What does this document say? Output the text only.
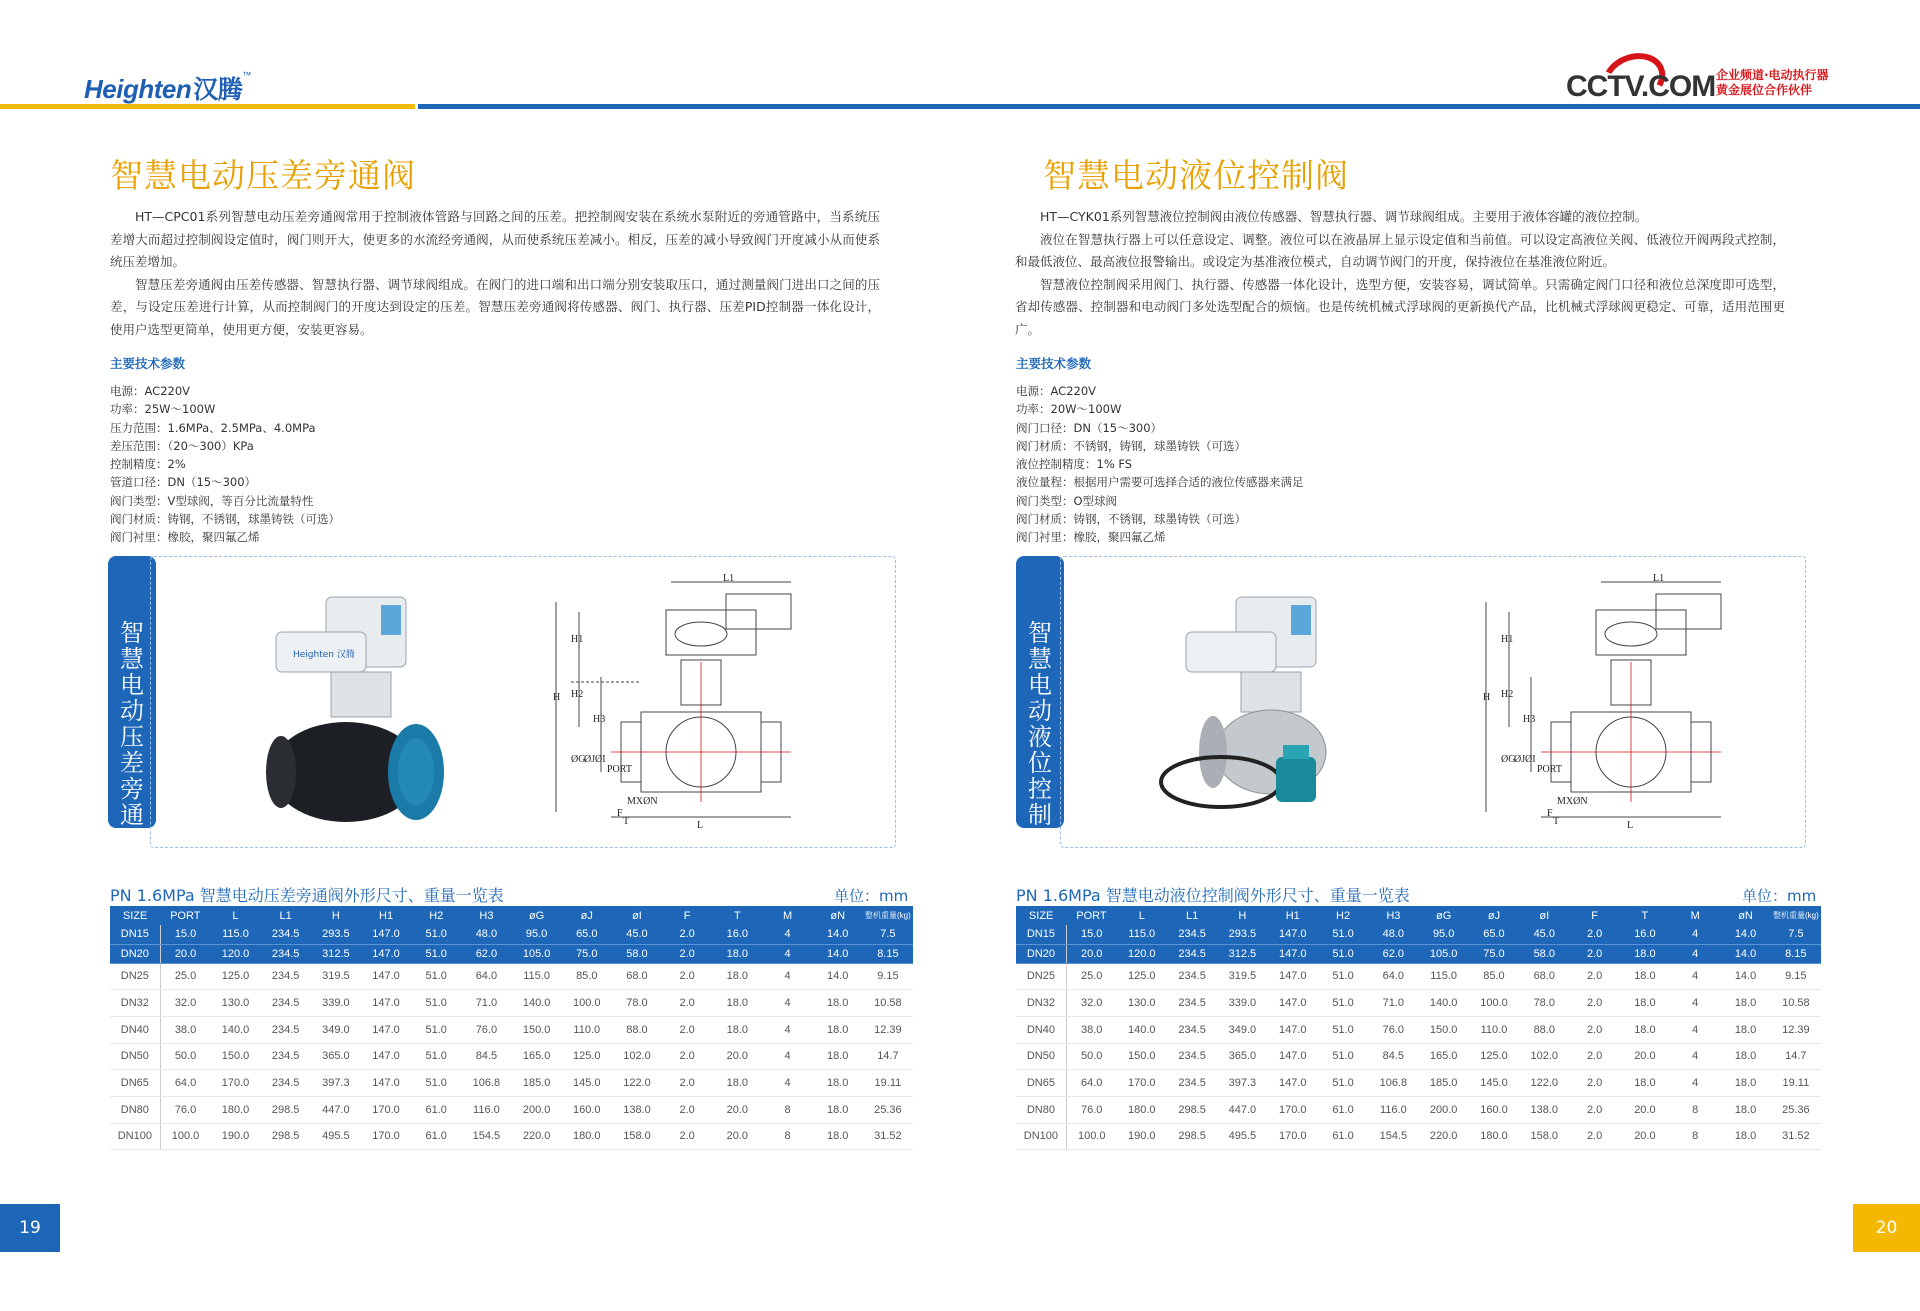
Heighten汉腾™	CCTV.COM 企业频道·电动执行器
黄金展位合作伙伴
智慧电动压差旁通阀

HT—CPC01系列智慧电动压差旁通阀常用于控制液体管路与回路之间的压差。把控制阀安装在系统水泵附近的旁通管路中，当系统压差增大而超过控制阀设定值时，阀门则开大，使更多的水流经旁通阀，从而使系统压差减小。相反，压差的减小导致阀门开度减小从而使系统压差增加。

智慧压差旁通阀由压差传感器、智慧执行器、调节球阀组成。在阀门的进口端和出口端分别安装取压口，通过测量阀门进出口之间的压差，与设定压差进行计算，从而控制阀门的开度达到设定的压差。智慧压差旁通阀将传感器、阀门、执行器、压差PID控制器一体化设计，使用户选型更简单，使用更方便，安装更容易。

主要技术参数
电源：AC220V
功率：25W～100W
压力范围：1.6MPa、2.5MPa、4.0MPa
差压范围：（20～300）KPa
控制精度：2%
管道口径：DN（15～300）
阀门类型：V型球阀，等百分比流量特性
阀门材质：铸钢，不锈钢，球墨铸铁（可选）
阀门衬里：橡胶，聚四氟乙烯
智
慧
电
动
压
差
旁
通
阀
Heighten 汉腾
L1
H
H1
H2
H3
ØG
ØJ ØI
PORT
MXØN
F
T	L
PN 1.6MPa 智慧电动压差旁通阀外形尺寸、重量一览表	单位：mm
SIZE	PORT	L	L1	H	H1	H2	H3	øG	øJ	øI	F	T	M	øN	整机重量(kg)
DN15	15.0	115.0	234.5	293.5	147.0	51.0	48.0	95.0	65.0	45.0	2.0	16.0	4	14.0	7.5
DN20	20.0	120.0	234.5	312.5	147.0	51.0	62.0	105.0	75.0	58.0	2.0	18.0	4	14.0	8.15
DN25	25.0	125.0	234.5	319.5	147.0	51.0	64.0	115.0	85.0	68.0	2.0	18.0	4	14.0	9.15
DN32	32.0	130.0	234.5	339.0	147.0	51.0	71.0	140.0	100.0	78.0	2.0	18.0	4	18.0	10.58
DN40	38.0	140.0	234.5	349.0	147.0	51.0	76.0	150.0	110.0	88.0	2.0	18.0	4	18.0	12.39
DN50	50.0	150.0	234.5	365.0	147.0	51.0	84.5	165.0	125.0	102.0	2.0	20.0	4	18.0	14.7
DN65	64.0	170.0	234.5	397.3	147.0	51.0	106.8	185.0	145.0	122.0	2.0	18.0	4	18.0	19.11
DN80	76.0	180.0	298.5	447.0	170.0	61.0	116.0	200.0	160.0	138.0	2.0	20.0	8	18.0	25.36
DN100	100.0	190.0	298.5	495.5	170.0	61.0	154.5	220.0	180.0	158.0	2.0	20.0	8	18.0	31.52
19
智慧电动液位控制阀

HT—CYK01系列智慧液位控制阀由液位传感器、智慧执行器、调节球阀组成。主要用于液体容罐的液位控制。

液位在智慧执行器上可以任意设定、调整。液位可以在液晶屏上显示设定值和当前值。可以设定高液位关阀、低液位开阀两段式控制，和最低液位、最高液位报警输出。或设定为基准液位模式，自动调节阀门的开度，保持液位在基准液位附近。

智慧液位控制阀采用阀门、执行器、传感器一体化设计，选型方便，安装容易，调试简单。只需确定阀门口径和液位总深度即可选型，省却传感器、控制器和电动阀门多处选型配合的烦恼。也是传统机械式浮球阀的更新换代产品，比机械式浮球阀更稳定、可靠，适用范围更广。

主要技术参数
电源：AC220V
功率：20W～100W
阀门口径：DN（15～300）
阀门材质：不锈钢，铸钢，球墨铸铁（可选）
液位控制精度：1% FS
液位量程：根据用户需要可选择合适的液位传感器来满足
阀门类型：O型球阀
阀门材质：铸钢，不锈钢，球墨铸铁（可选）
阀门衬里：橡胶，聚四氟乙烯
智
慧
电
动
液
位
控
制
阀
L1
H
H1
H2
H3
ØG
ØJ ØI
PORT
MXØN
F
T	L
PN 1.6MPa 智慧电动液位控制阀外形尺寸、重量一览表	单位：mm
SIZE	PORT	L	L1	H	H1	H2	H3	øG	øJ	øI	F	T	M	øN	整机重量(kg)
DN15	15.0	115.0	234.5	293.5	147.0	51.0	48.0	95.0	65.0	45.0	2.0	16.0	4	14.0	7.5
DN20	20.0	120.0	234.5	312.5	147.0	51.0	62.0	105.0	75.0	58.0	2.0	18.0	4	14.0	8.15
DN25	25.0	125.0	234.5	319.5	147.0	51.0	64.0	115.0	85.0	68.0	2.0	18.0	4	14.0	9.15
DN32	32.0	130.0	234.5	339.0	147.0	51.0	71.0	140.0	100.0	78.0	2.0	18.0	4	18.0	10.58
DN40	38.0	140.0	234.5	349.0	147.0	51.0	76.0	150.0	110.0	88.0	2.0	18.0	4	18.0	12.39
DN50	50.0	150.0	234.5	365.0	147.0	51.0	84.5	165.0	125.0	102.0	2.0	20.0	4	18.0	14.7
DN65	64.0	170.0	234.5	397.3	147.0	51.0	106.8	185.0	145.0	122.0	2.0	18.0	4	18.0	19.11
DN80	76.0	180.0	298.5	447.0	170.0	61.0	116.0	200.0	160.0	138.0	2.0	20.0	8	18.0	25.36
DN100	100.0	190.0	298.5	495.5	170.0	61.0	154.5	220.0	180.0	158.0	2.0	20.0	8	18.0	31.52
20
